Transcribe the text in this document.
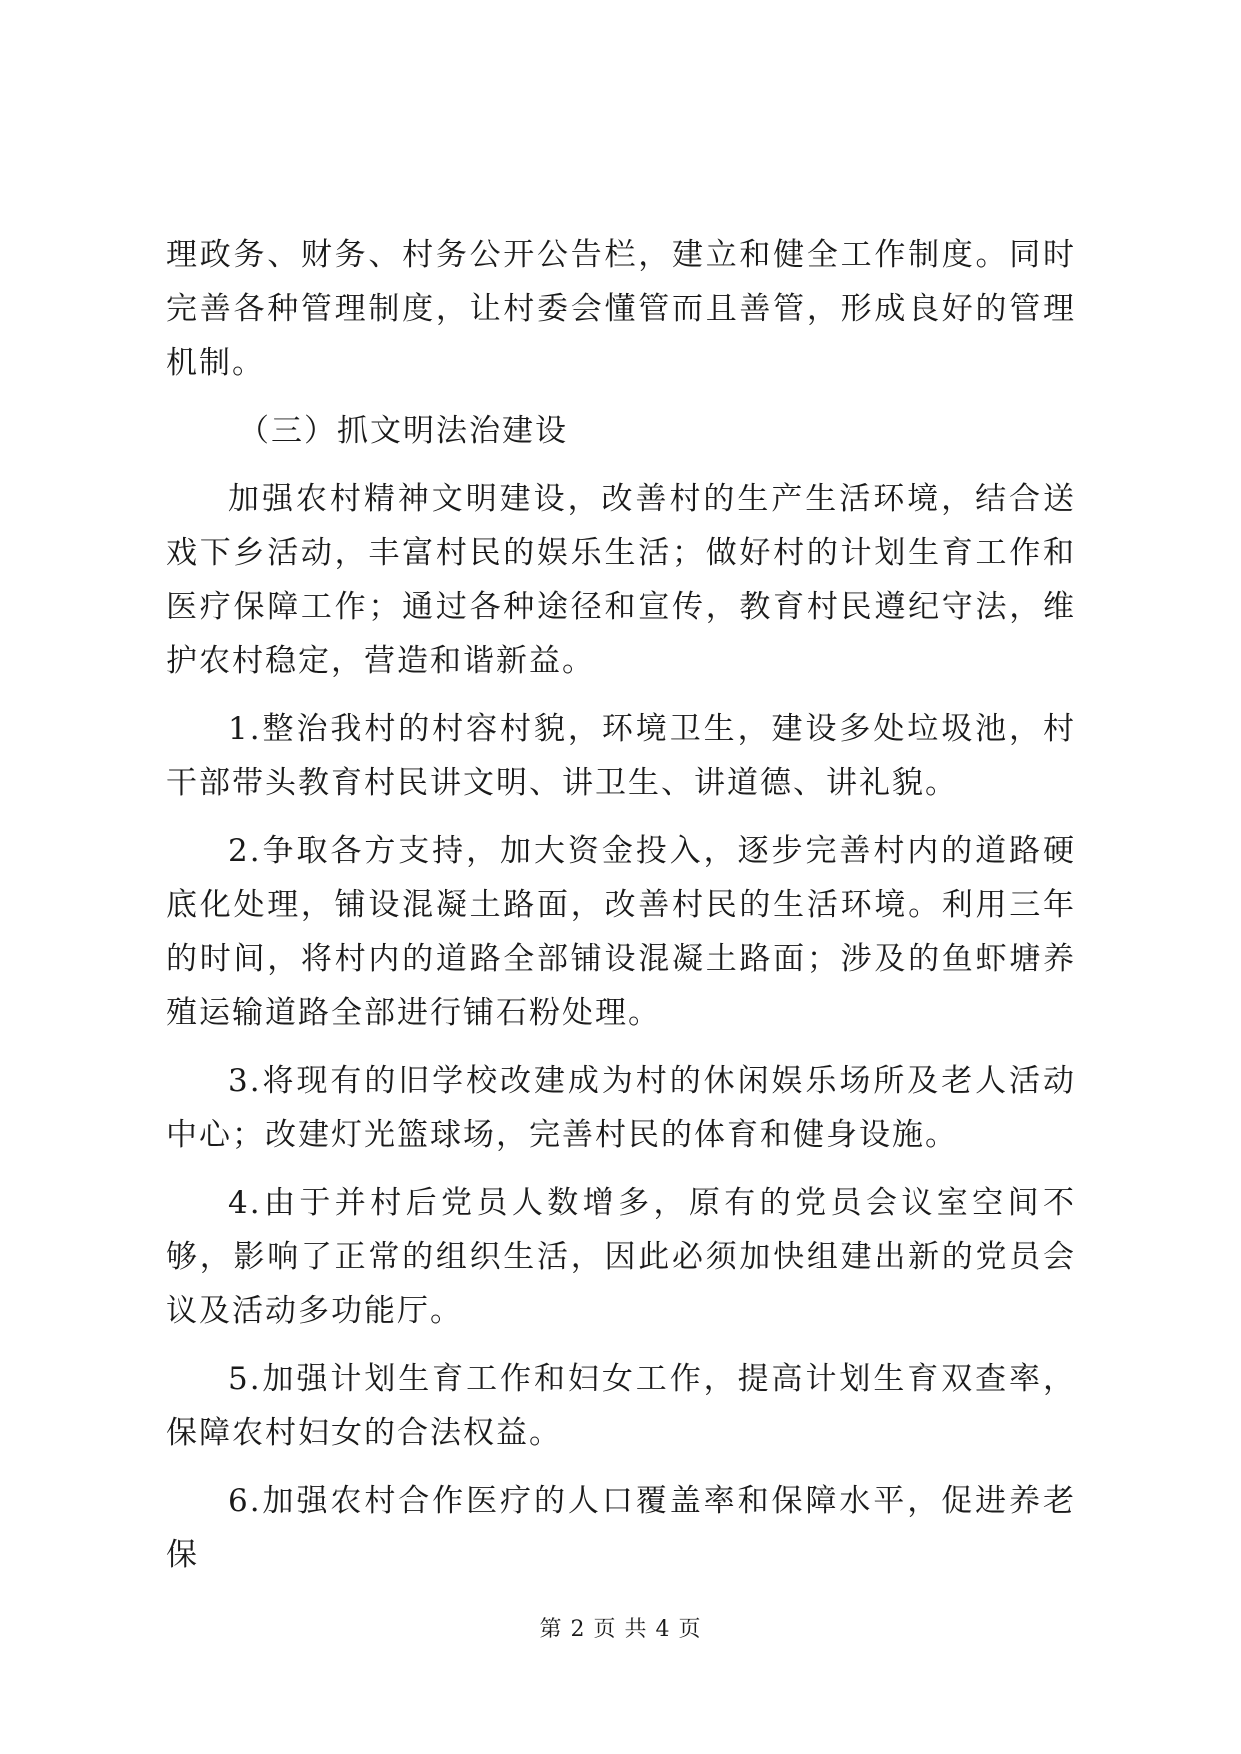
理政务、财务、村务公开公告栏，建立和健全工作制度。同时完善各种管理制度，让村委会懂管而且善管，形成良好的管理机制。

（三）抓文明法治建设

加强农村精神文明建设，改善村的生产生活环境，结合送戏下乡活动，丰富村民的娱乐生活；做好村的计划生育工作和医疗保障工作；通过各种途径和宣传，教育村民遵纪守法，维护农村稳定，营造和谐新益。

1.整治我村的村容村貌，环境卫生，建设多处垃圾池，村干部带头教育村民讲文明、讲卫生、讲道德、讲礼貌。

2.争取各方支持，加大资金投入，逐步完善村内的道路硬底化处理，铺设混凝土路面，改善村民的生活环境。利用三年的时间，将村内的道路全部铺设混凝土路面；涉及的鱼虾塘养殖运输道路全部进行铺石粉处理。

3.将现有的旧学校改建成为村的休闲娱乐场所及老人活动中心；改建灯光篮球场，完善村民的体育和健身设施。

4.由于并村后党员人数增多，原有的党员会议室空间不够，影响了正常的组织生活，因此必须加快组建出新的党员会议及活动多功能厅。

5.加强计划生育工作和妇女工作，提高计划生育双查率，保障农村妇女的合法权益。

6.加强农村合作医疗的人口覆盖率和保障水平，促进养老保

第 2 页 共 4 页
